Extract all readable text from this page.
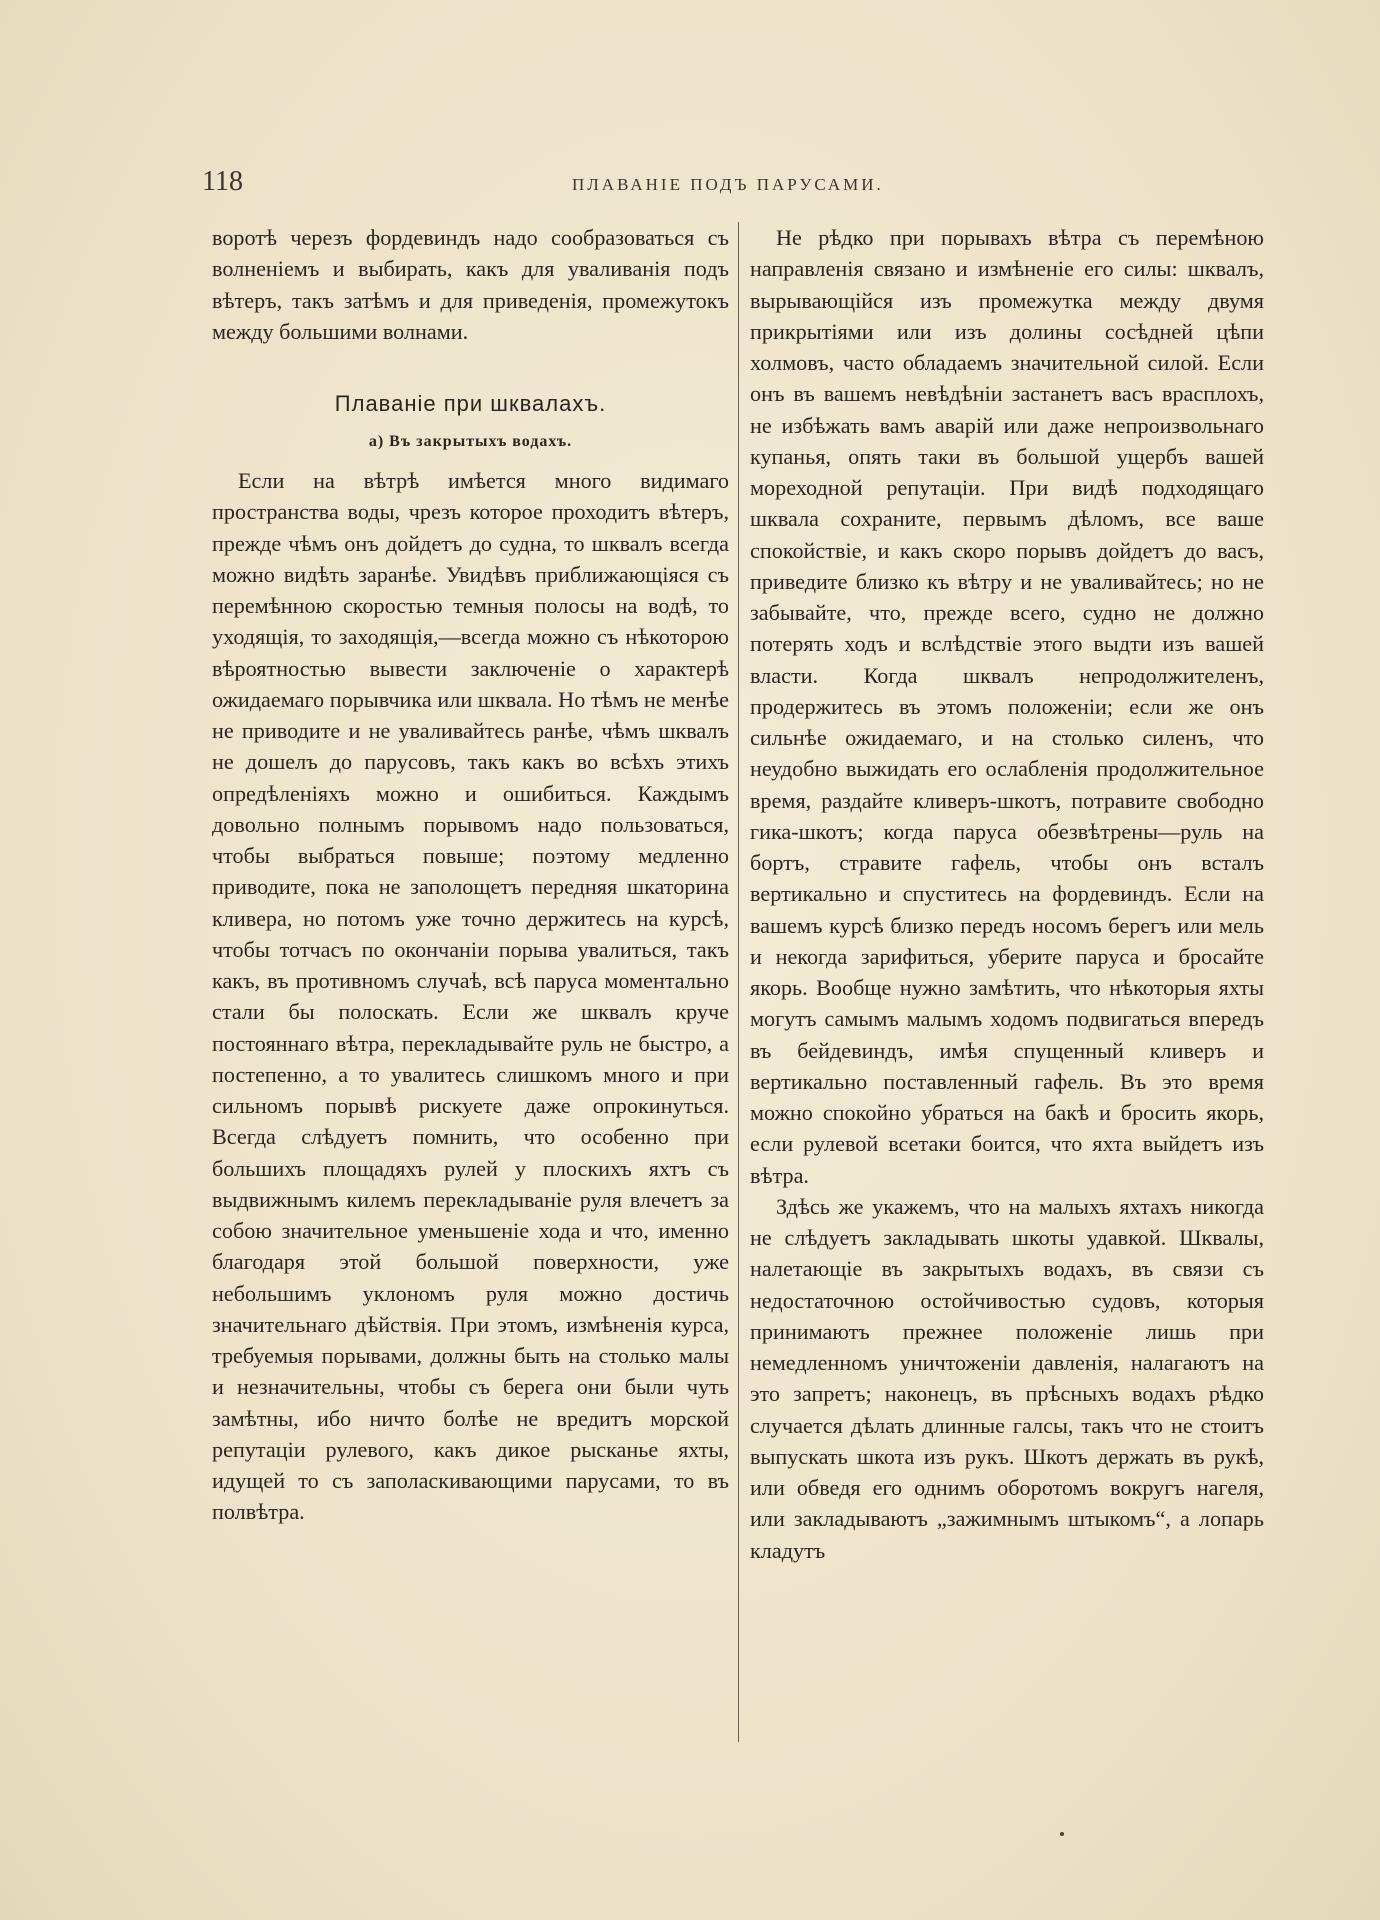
118	ПЛАВАНІЕ ПОДЪ ПАРУСАМИ.

воротѣ черезъ фордевиндъ надо сообразоваться съ волненіемъ и выбирать, какъ для уваливанія подъ вѣтеръ, такъ затѣмъ и для приведенія, промежутокъ между большими волнами.

Плаваніе при шквалахъ.
а) Въ закрытыхъ водахъ.

Если на вѣтрѣ имѣется много видимаго пространства воды, чрезъ которое проходитъ вѣтеръ, прежде чѣмъ онъ дойдетъ до судна, то шквалъ всегда можно видѣть заранѣе. Увидѣвъ приближающіяся съ перемѣнною скоростью темныя полосы на водѣ, то уходящія, то заходящія,—всегда можно съ нѣкоторою вѣроятностью вывести заключеніе о характерѣ ожидаемаго порывчика или шквала. Но тѣмъ не менѣе не приводите и не уваливайтесь ранѣе, чѣмъ шквалъ не дошелъ до парусовъ, такъ какъ во всѣхъ этихъ опредѣленіяхъ можно и ошибиться. Каждымъ довольно полнымъ порывомъ надо пользоваться, чтобы выбраться повыше; поэтому медленно приводите, пока не заполощетъ передняя шкаторина кливера, но потомъ уже точно держитесь на курсѣ, чтобы тотчасъ по окончаніи порыва увалиться, такъ какъ, въ противномъ случаѣ, всѣ паруса моментально стали бы полоскать. Если же шквалъ круче постояннаго вѣтра, перекладывайте руль не быстро, а постепенно, а то увалитесь слишкомъ много и при сильномъ порывѣ рискуете даже опрокинуться. Всегда слѣдуетъ помнить, что особенно при большихъ площадяхъ рулей у плоскихъ яхтъ съ выдвижнымъ килемъ перекладываніе руля влечетъ за собою значительное уменьшеніе хода и что, именно благодаря этой большой поверхности, уже небольшимъ уклономъ руля можно достичь значительнаго дѣйствія. При этомъ, измѣненія курса, требуемыя порывами, должны быть на столько малы и незначительны, чтобы съ берега они были чуть замѣтны, ибо ничто болѣе не вредитъ морской репутаціи рулевого, какъ дикое рысканье яхты, идущей то съ заполаскивающими парусами, то въ полвѣтра.

Не рѣдко при порывахъ вѣтра съ перемѣною направленія связано и измѣненіе его силы: шквалъ, вырывающійся изъ промежутка между двумя прикрытіями или изъ долины сосѣдней цѣпи холмовъ, часто обладаемъ значительной силой. Если онъ въ вашемъ невѣдѣніи застанетъ васъ врасплохъ, не избѣжать вамъ аварій или даже непроизвольнаго купанья, опять таки въ большой ущербъ вашей мореходной репутаціи. При видѣ подходящаго шквала сохраните, первымъ дѣломъ, все ваше спокойствіе, и какъ скоро порывъ дойдетъ до васъ, приведите близко къ вѣтру и не уваливайтесь; но не забывайте, что, прежде всего, судно не должно потерять ходъ и вслѣдствіе этого выдти изъ вашей власти. Когда шквалъ непродолжителенъ, продержитесь въ этомъ положеніи; если же онъ сильнѣе ожидаемаго, и на столько силенъ, что неудобно выжидать его ослабленія продолжительное время, раздайте кливеръ-шкотъ, потравите свободно гика-шкотъ; когда паруса обезвѣтрены—руль на бортъ, стравите гафель, чтобы онъ всталъ вертикально и спуститесь на фордевиндъ. Если на вашемъ курсѣ близко передъ носомъ берегъ или мель и некогда зарифиться, уберите паруса и бросайте якорь. Вообще нужно замѣтить, что нѣкоторыя яхты могутъ самымъ малымъ ходомъ подвигаться впередъ въ бейдевиндъ, имѣя спущенный кливеръ и вертикально поставленный гафель. Въ это время можно спокойно убраться на бакѣ и бросить якорь, если рулевой всетаки боится, что яхта выйдетъ изъ вѣтра.

Здѣсь же укажемъ, что на малыхъ яхтахъ никогда не слѣдуетъ закладывать шкоты удавкой. Шквалы, налетающіе въ закрытыхъ водахъ, въ связи съ недостаточною остойчивостью судовъ, которыя принимаютъ прежнее положеніе лишь при немедленномъ уничтоженіи давленія, налагаютъ на это запретъ; наконецъ, въ прѣсныхъ водахъ рѣдко случается дѣлать длинные галсы, такъ что не стоитъ выпускать шкота изъ рукъ. Шкотъ держать въ рукѣ, или обведя его однимъ оборотомъ вокругъ нагеля, или закладываютъ „зажимнымъ штыкомъ“, а лопарь кладутъ
